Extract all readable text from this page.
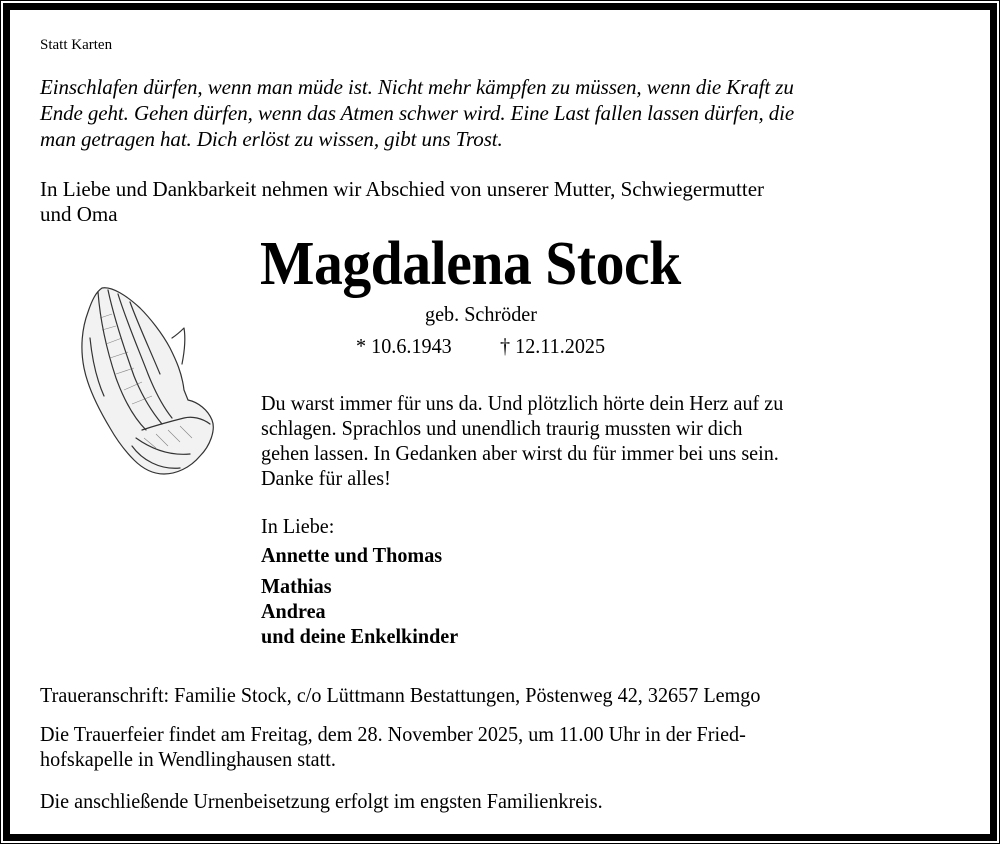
Statt Karten
Einschlafen dürfen, wenn man müde ist. Nicht mehr kämpfen zu müssen, wenn die Kraft zu
Ende geht. Gehen dürfen, wenn das Atmen schwer wird. Eine Last fallen lassen dürfen, die
man getragen hat. Dich erlöst zu wissen, gibt uns Trost.
In Liebe und Dankbarkeit nehmen wir Abschied von unserer Mutter, Schwiegermutter
und Oma
Magdalena Stock
geb. Schröder
* 10.6.1943 † 12.11.2025
Du warst immer für uns da. Und plötzlich hörte dein Herz auf zu
schlagen. Sprachlos und unendlich traurig mussten wir dich
gehen lassen. In Gedanken aber wirst du für immer bei uns sein.
Danke für alles!
In Liebe:
Annette und Thomas
Mathias
Andrea
und deine Enkelkinder
Traueranschrift: Familie Stock, c/o Lüttmann Bestattungen, Pöstenweg 42, 32657 Lemgo
Die Trauerfeier findet am Freitag, dem 28. November 2025, um 11.00 Uhr in der Fried-
hofskapelle in Wendlinghausen statt.
Die anschließende Urnenbeisetzung erfolgt im engsten Familienkreis.
